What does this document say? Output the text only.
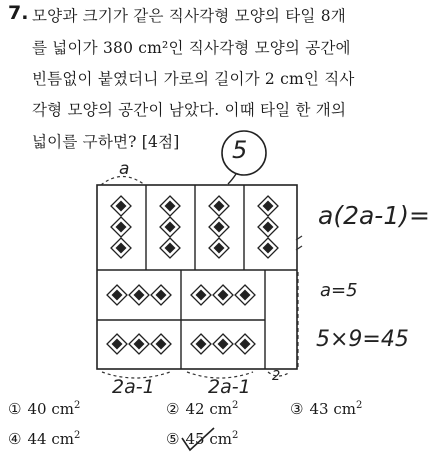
7. 모양과 크기가 같은 직사각형 모양의 타일 8개
를 넓이가 380 cm²인 직사각형 모양의 공간에
빈틈없이 붙였더니 가로의 길이가 2 cm인 직사
각형 모양의 공간이 남았다. 이때 타일 한 개의
넓이를 구하면? [4점] 5
a
2a-1	2a-1 2
a(2a-1)=
a=5
5×9=45
① 40 $cm^2$	② 42 $cm^2$	③ 43 $cm^2$
④ 44 $cm^2$	⑤ 45 $cm^2$
